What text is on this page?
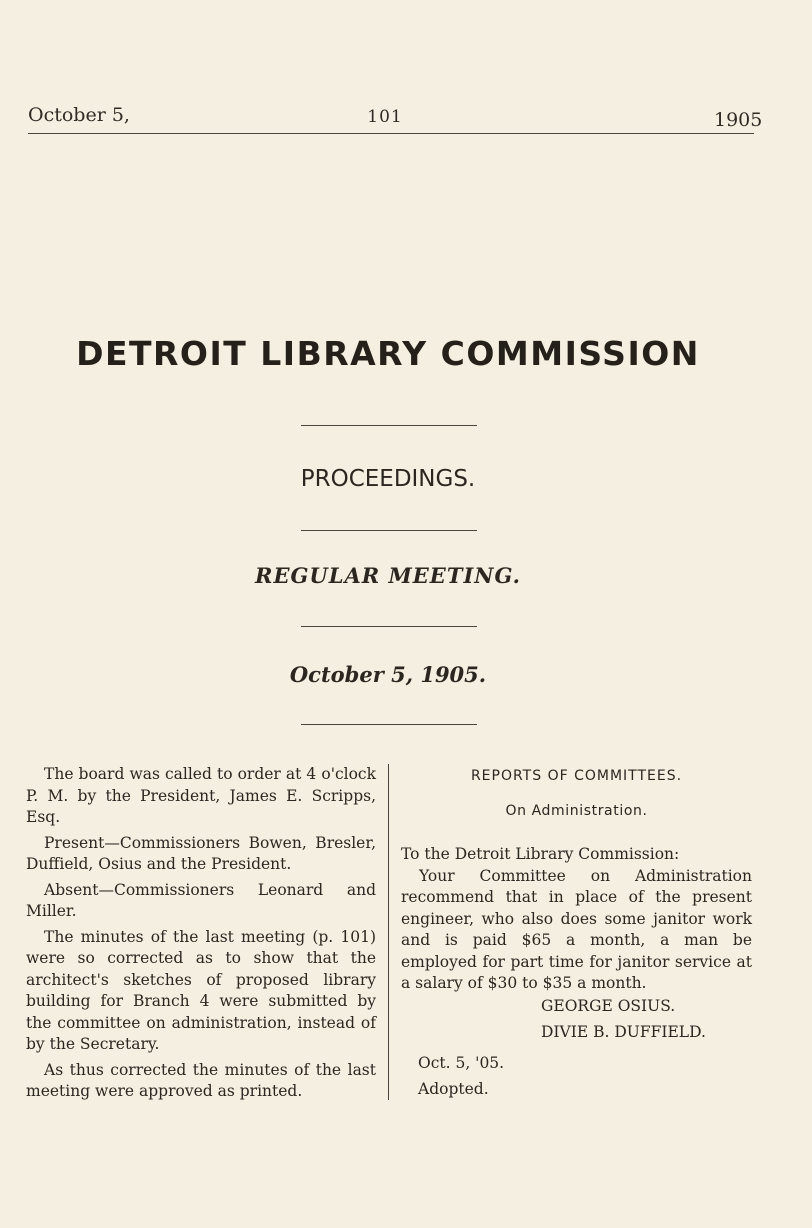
October 5,	101	1905
DETROIT LIBRARY COMMISSION
PROCEEDINGS.
REGULAR MEETING.
October 5, 1905.

The board was called to order at 4 o'clock P. M. by the President, James E. Scripps, Esq.

Present—Commissioners Bowen, Bresler, Duffield, Osius and the President.

Absent—Commissioners Leonard and Miller.

The minutes of the last meeting (p. 101) were so corrected as to show that the architect's sketches of proposed library building for Branch 4 were submitted by the committee on administration, instead of by the Secretary.

As thus corrected the minutes of the last meeting were approved as printed.

REPORTS OF COMMITTEES.

On Administration.

To the Detroit Library Commission:

Your Committee on Administration recommend that in place of the present engineer, who also does some janitor work and is paid $65 a month, a man be employed for part time for janitor service at a salary of $30 to $35 a month.

GEORGE OSIUS.

DIVIE B. DUFFIELD.

Oct. 5, '05.

Adopted.
